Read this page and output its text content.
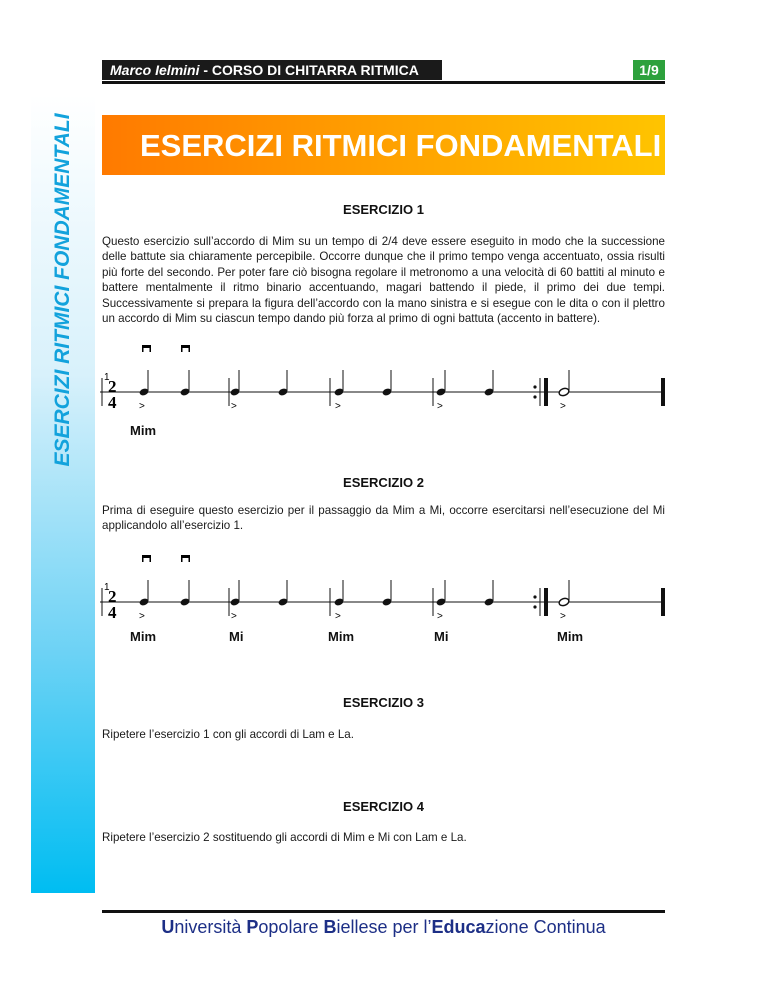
ESERCIZI RITMICI FONDAMENTALI
Marco Ielmini - CORSO DI CHITARRA RITMICA	1/9
ESERCIZI RITMICI FONDAMENTALI
ESERCIZIO 1
Questo esercizio sull’accordo di Mim su un tempo di 2/4 deve essere eseguito in modo che la successione delle battute sia chiaramente percepibile. Occorre dunque che il primo tempo venga accentuato, ossia risulti più forte del secondo. Per poter fare ciò bisogna regolare il metronomo a una velocità di 60 battiti al minuto e battere mentalmente il ritmo binario accentuando, magari battendo il piede, il primo dei due tempi. Successivamente si prepara la figura dell’accordo con la mano sinistra e si esegue con le dita o con il plettro un accordo di Mim su ciascun tempo dando più forza al primo di ogni battuta (accento in battere).
1
2
4 >	>	>	>	>
Mim
ESERCIZIO 2
Prima di eseguire questo esercizio per il passaggio da Mim a Mi, occorre esercitarsi nell’esecuzione del Mi applicandolo all’esercizio 1.
1
2
4 >	>	>	>	>
Mim	Mi	Mim	Mi	Mim
ESERCIZIO 3
Ripetere l’esercizio 1 con gli accordi di Lam e La.
ESERCIZIO 4
Ripetere l’esercizio 2 sostituendo gli accordi di Mim e Mi con Lam e La.
Università Popolare Biellese per l’Educazione Continua
